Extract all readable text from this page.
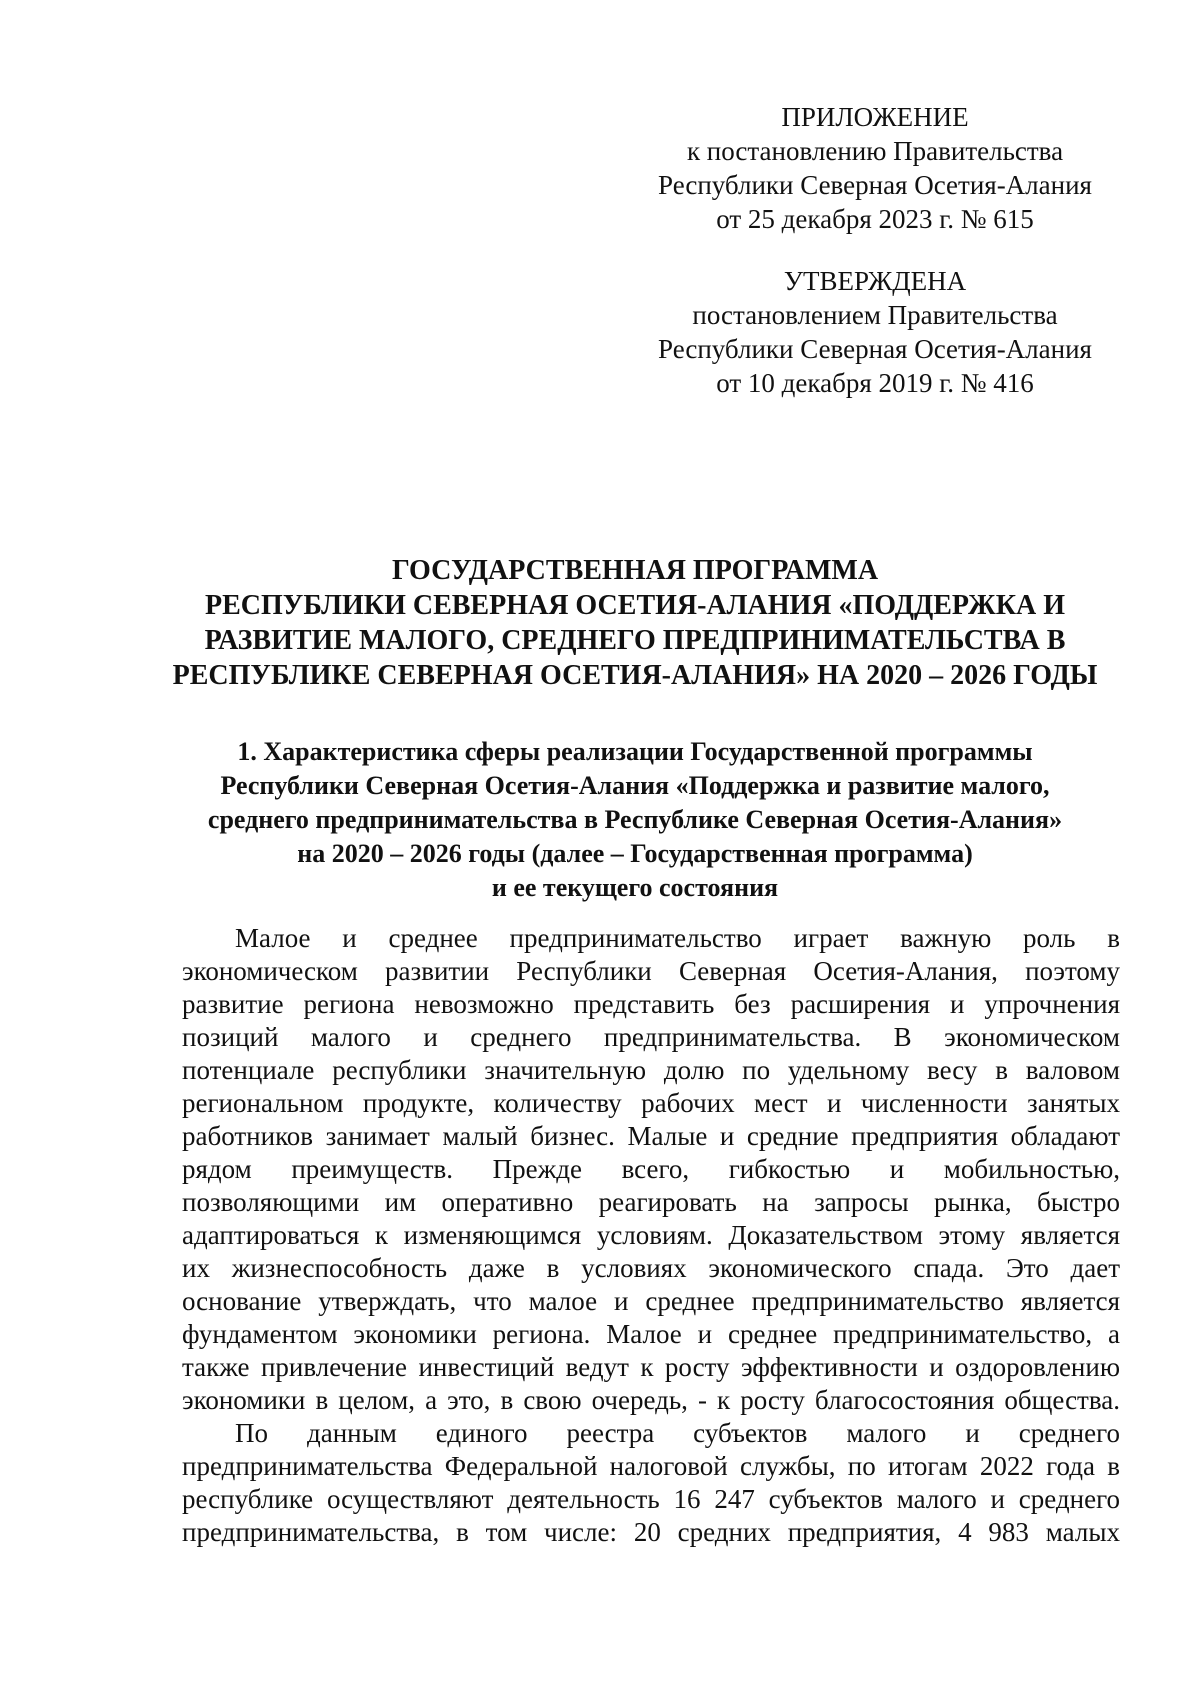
ПРИЛОЖЕНИЕ
к постановлению Правительства
Республики Северная Осетия-Алания
от 25 декабря 2023 г. № 615
УТВЕРЖДЕНА
постановлением Правительства
Республики Северная Осетия-Алания
от 10 декабря 2019 г. № 416
ГОСУДАРСТВЕННАЯ ПРОГРАММА
РЕСПУБЛИКИ СЕВЕРНАЯ ОСЕТИЯ-АЛАНИЯ «ПОДДЕРЖКА И
РАЗВИТИЕ МАЛОГО, СРЕДНЕГО ПРЕДПРИНИМАТЕЛЬСТВА В
РЕСПУБЛИКЕ СЕВЕРНАЯ ОСЕТИЯ-АЛАНИЯ» НА 2020 – 2026 ГОДЫ
1. Характеристика сферы реализации Государственной программы
Республики Северная Осетия-Алания «Поддержка и развитие малого,
среднего предпринимательства в Республике Северная Осетия-Алания»
на 2020 – 2026 годы (далее – Государственная программа)
и ее текущего состояния
Малое и среднее предпринимательство играет важную роль в
экономическом развитии Республики Северная Осетия-Алания, поэтому
развитие региона невозможно представить без расширения и упрочнения
позиций малого и среднего предпринимательства. В экономическом
потенциале республики значительную долю по удельному весу в валовом
региональном продукте, количеству рабочих мест и численности занятых
работников занимает малый бизнес. Малые и средние предприятия обладают
рядом преимуществ. Прежде всего, гибкостью и мобильностью,
позволяющими им оперативно реагировать на запросы рынка, быстро
адаптироваться к изменяющимся условиям. Доказательством этому является
их жизнеспособность даже в условиях экономического спада. Это дает
основание утверждать, что малое и среднее предпринимательство является
фундаментом экономики региона. Малое и среднее предпринимательство, а
также привлечение инвестиций ведут к росту эффективности и оздоровлению
экономики в целом, а это, в свою очередь, - к росту благосостояния общества.
По данным единого реестра субъектов малого и среднего
предпринимательства Федеральной налоговой службы, по итогам 2022 года в
республике осуществляют деятельность 16 247 субъектов малого и среднего
предпринимательства, в том числе: 20 средних предприятия, 4 983 малых
